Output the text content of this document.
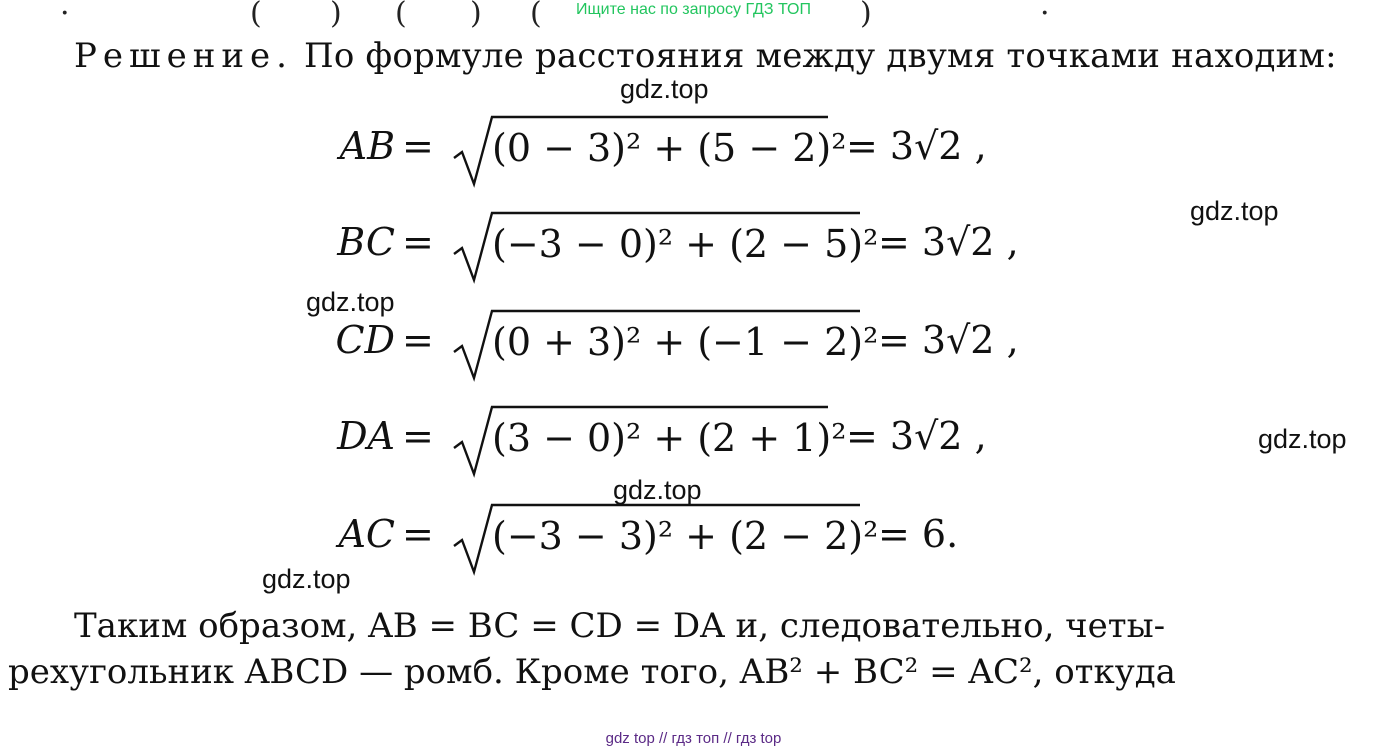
Ищите нас по запросу ГДЗ ТОП
·	( ) ( ) (	)	·
Решение. По формуле расстояния между двумя точками находим:
gdz.top
gdz.top
gdz.top
gdz.top
gdz.top
gdz.top
AB = (0 − 3)² + (5 − 2)² = 3√2 ,
BC = (−3 − 0)² + (2 − 5)² = 3√2 ,
CD = (0 + 3)² + (−1 − 2)² = 3√2 ,
DA = (3 − 0)² + (2 + 1)² = 3√2 ,
AC = (−3 − 3)² + (2 − 2)² = 6.
Таким образом, AB = BC = CD = DA и, следовательно, четы-
рехугольник ABCD — ромб. Кроме того, AB² + BC² = AC², откуда
gdz top // гдз топ // гдз top
